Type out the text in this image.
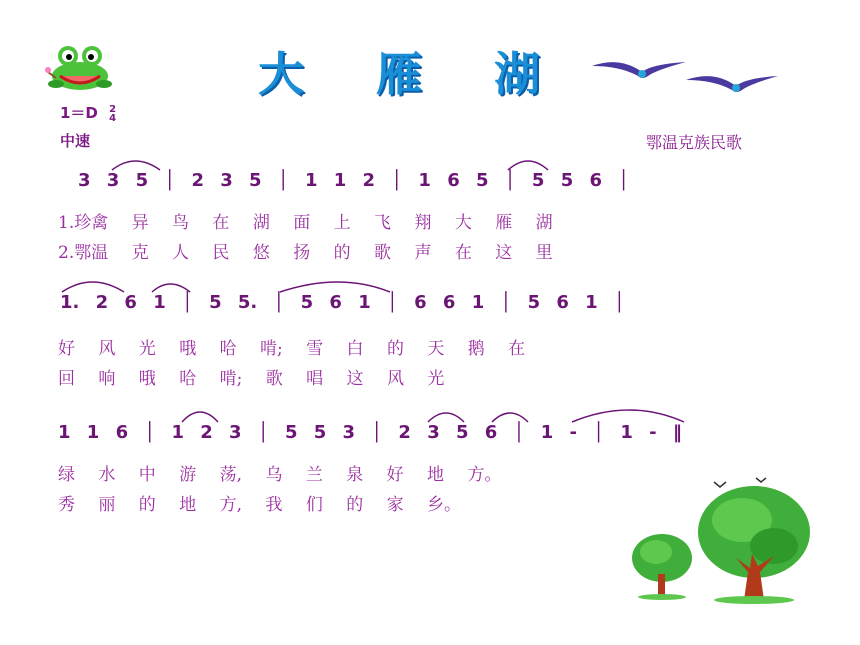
大 雁 湖
1＝D 2
4
中速	鄂温克族民歌
3 3 5 │ 2 3 5 │ 1 1 2 │ 1 6 5 │ 5 5 6 │
1.珍禽 异 鸟 在 湖 面 上 飞 翔 大 雁 湖
2.鄂温 克 人 民 悠 扬 的 歌 声 在 这 里
1. 2 6 1 │ 5 5. │ 5 6 1 │ 6 6 1 │ 5 6 1 │
好 风 光 哦 哈 啃; 雪 白 的 天 鹅 在
回 响 哦 哈 啃; 歌 唱 这 风 光
1 1 6 │ 1 2 3 │ 5 5 3 │ 2 3 5 6 │ 1 - │ 1 - ‖
绿 水 中 游 荡, 乌 兰 泉 好 地 方。
秀 丽 的 地 方, 我 们 的 家 乡。
